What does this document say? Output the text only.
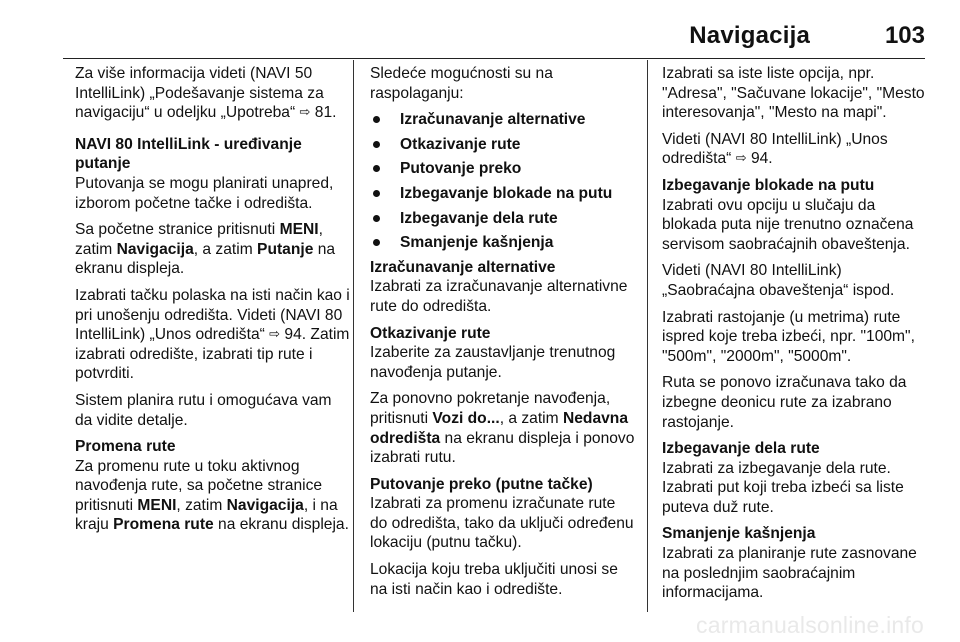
Navigacija	103

Za više informacija videti (NAVI 50 IntelliLink) „Podešavanje sistema za navigaciju“ u odeljku „Upotreba“ ⇨ 81.

NAVI 80 IntelliLink - uređivanje putanje

Putovanja se mogu planirati unapred, izborom početne tačke i odredišta.

Sa početne stranice pritisnuti MENI, zatim Navigacija, a zatim Putanje na ekranu displeja.

Izabrati tačku polaska na isti način kao i pri unošenju odredišta. Videti (NAVI 80 IntelliLink) „Unos odredišta“ ⇨ 94. Zatim izabrati odredište, izabrati tip rute i potvrditi.

Sistem planira rutu i omogućava vam da vidite detalje.

Promena rute

Za promenu rute u toku aktivnog navođenja rute, sa početne stranice pritisnuti MENI, zatim Navigacija, i na kraju Promena rute na ekranu displeja.

Sledeće mogućnosti su na raspolaganju:

Izračunavanje alternative
Otkazivanje rute
Putovanje preko
Izbegavanje blokade na putu
Izbegavanje dela rute
Smanjenje kašnjenja

Izračunavanje alternative

Izabrati za izračunavanje alternativne rute do odredišta.

Otkazivanje rute

Izaberite za zaustavljanje trenutnog navođenja putanje.

Za ponovno pokretanje navođenja, pritisnuti Vozi do..., a zatim Nedavna odredišta na ekranu displeja i ponovo izabrati rutu.

Putovanje preko (putne tačke)

Izabrati za promenu izračunate rute do odredišta, tako da uključi određenu lokaciju (putnu tačku).

Lokacija koju treba uključiti unosi se na isti način kao i odredište.

Izabrati sa iste liste opcija, npr. "Adresa", "Sačuvane lokacije", "Mesto interesovanja", "Mesto na mapi".

Videti (NAVI 80 IntelliLink) „Unos odredišta“ ⇨ 94.

Izbegavanje blokade na putu

Izabrati ovu opciju u slučaju da blokada puta nije trenutno označena servisom saobraćajnih obaveštenja.

Videti (NAVI 80 IntelliLink) „Saobraćajna obaveštenja“ ispod.

Izabrati rastojanje (u metrima) rute ispred koje treba izbeći, npr. "100m", "500m", "2000m", "5000m".

Ruta se ponovo izračunava tako da izbegne deonicu rute za izabrano rastojanje.

Izbegavanje dela rute

Izabrati za izbegavanje dela rute. Izabrati put koji treba izbeći sa liste puteva duž rute.

Smanjenje kašnjenja

Izabrati za planiranje rute zasnovane na poslednjim saobraćajnim informacijama.

carmanualsonline.info
